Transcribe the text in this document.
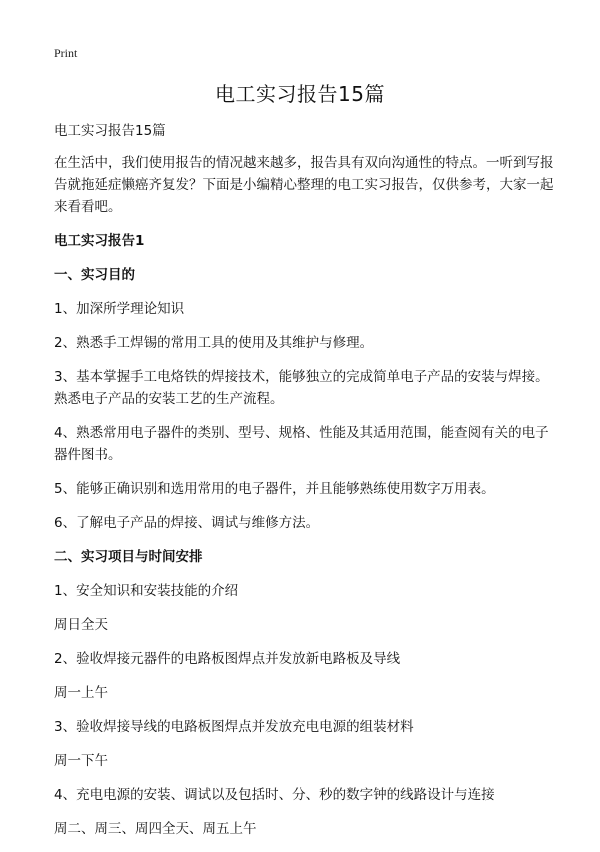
Print
电工实习报告15篇

电工实习报告15篇

在生活中，我们使用报告的情况越来越多，报告具有双向沟通性的特点。一听到写报告就拖延症懒癌齐复发？下面是小编精心整理的电工实习报告，仅供参考，大家一起来看看吧。

电工实习报告1

一、实习目的

1、加深所学理论知识

2、熟悉手工焊锡的常用工具的使用及其维护与修理。

3、基本掌握手工电烙铁的焊接技术，能够独立的完成简单电子产品的安装与焊接。熟悉电子产品的安装工艺的生产流程。

4、熟悉常用电子器件的类别、型号、规格、性能及其适用范围，能查阅有关的电子器件图书。

5、能够正确识别和选用常用的电子器件，并且能够熟练使用数字万用表。

6、了解电子产品的焊接、调试与维修方法。

二、实习项目与时间安排

1、安全知识和安装技能的介绍

周日全天

2、验收焊接元器件的电路板图焊点并发放新电路板及导线

周一上午

3、验收焊接导线的电路板图焊点并发放充电电源的组装材料

周一下午

4、充电电源的安装、调试以及包括时、分、秒的数字钟的线路设计与连接

周二、周三、周四全天、周五上午
